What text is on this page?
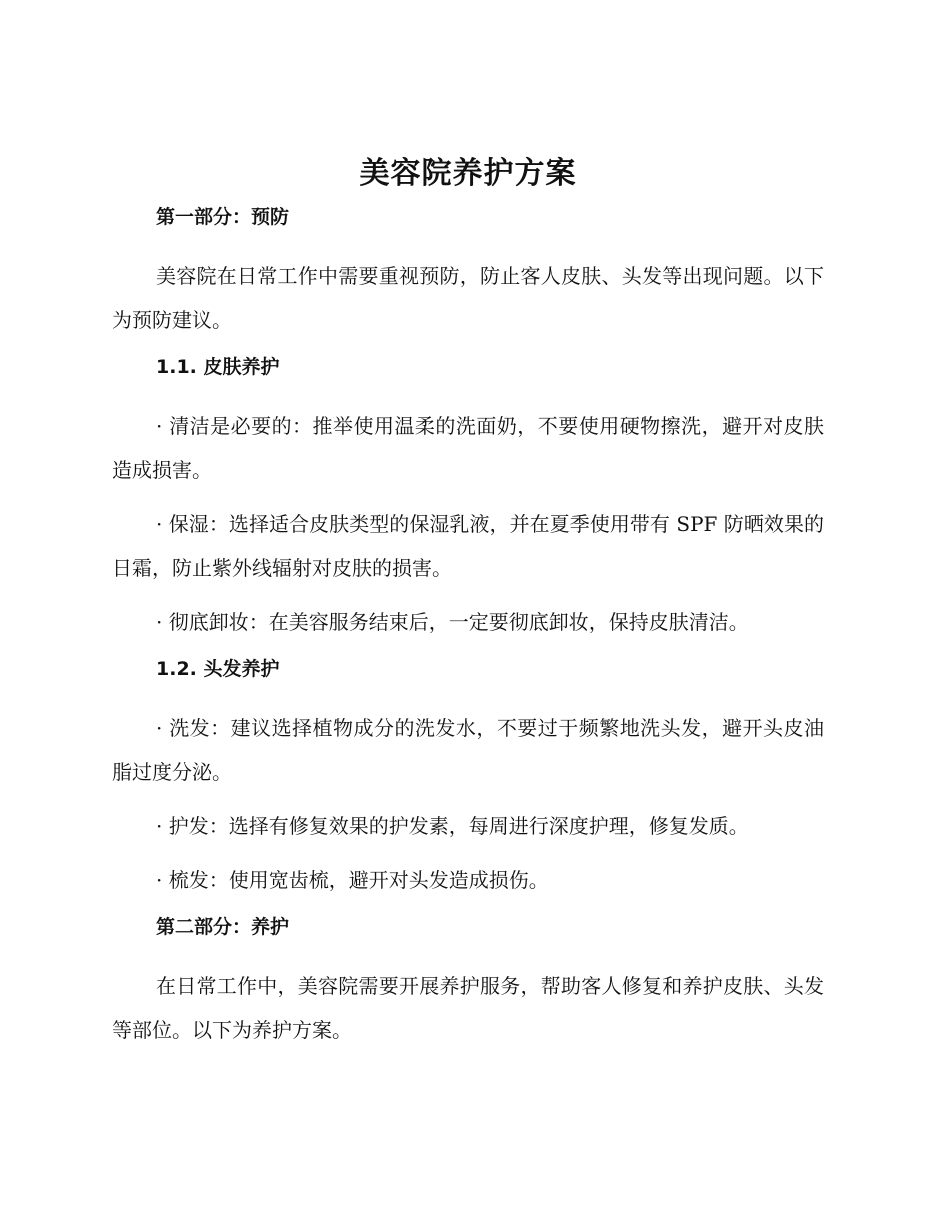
美容院养护方案
第一部分：预防
美容院在日常工作中需要重视预防，防止客人皮肤、头发等出现问题。以下为预防建议。
1.1. 皮肤养护
· 清洁是必要的：推举使用温柔的洗面奶，不要使用硬物擦洗，避开对皮肤造成损害。
· 保湿：选择适合皮肤类型的保湿乳液，并在夏季使用带有 SPF 防晒效果的日霜，防止紫外线辐射对皮肤的损害。
· 彻底卸妆：在美容服务结束后，一定要彻底卸妆，保持皮肤清洁。
1.2. 头发养护
· 洗发：建议选择植物成分的洗发水，不要过于频繁地洗头发，避开头皮油脂过度分泌。
· 护发：选择有修复效果的护发素，每周进行深度护理，修复发质。
· 梳发：使用宽齿梳，避开对头发造成损伤。
第二部分：养护
在日常工作中，美容院需要开展养护服务，帮助客人修复和养护皮肤、头发等部位。以下为养护方案。
